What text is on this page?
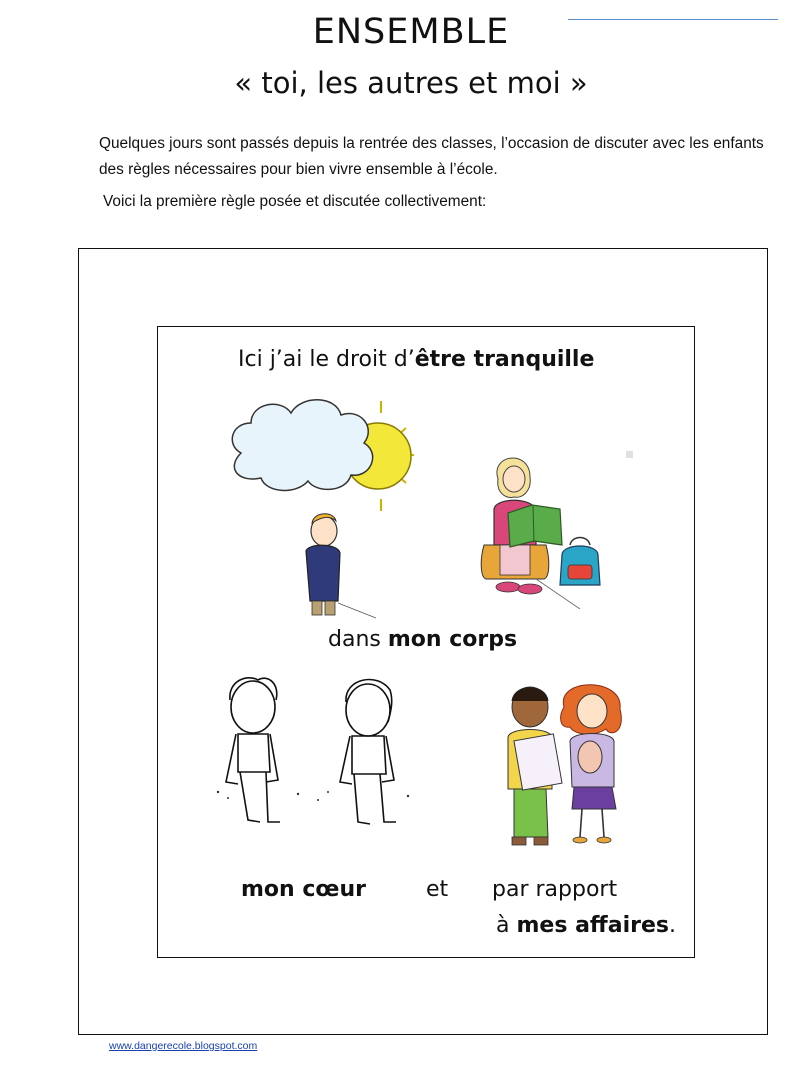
ENSEMBLE
« toi, les autres et moi »
Quelques jours sont passés depuis la rentrée des classes, l’occasion de discuter avec les enfants des règles nécessaires pour bien vivre ensemble à l’école.
Voici la première règle posée et discutée collectivement:
Ici j’ai le droit d’être tranquille
dans mon corps
mon cœur	et par rapport
à mes affaires.
www.dangerecole.blogspot.com
